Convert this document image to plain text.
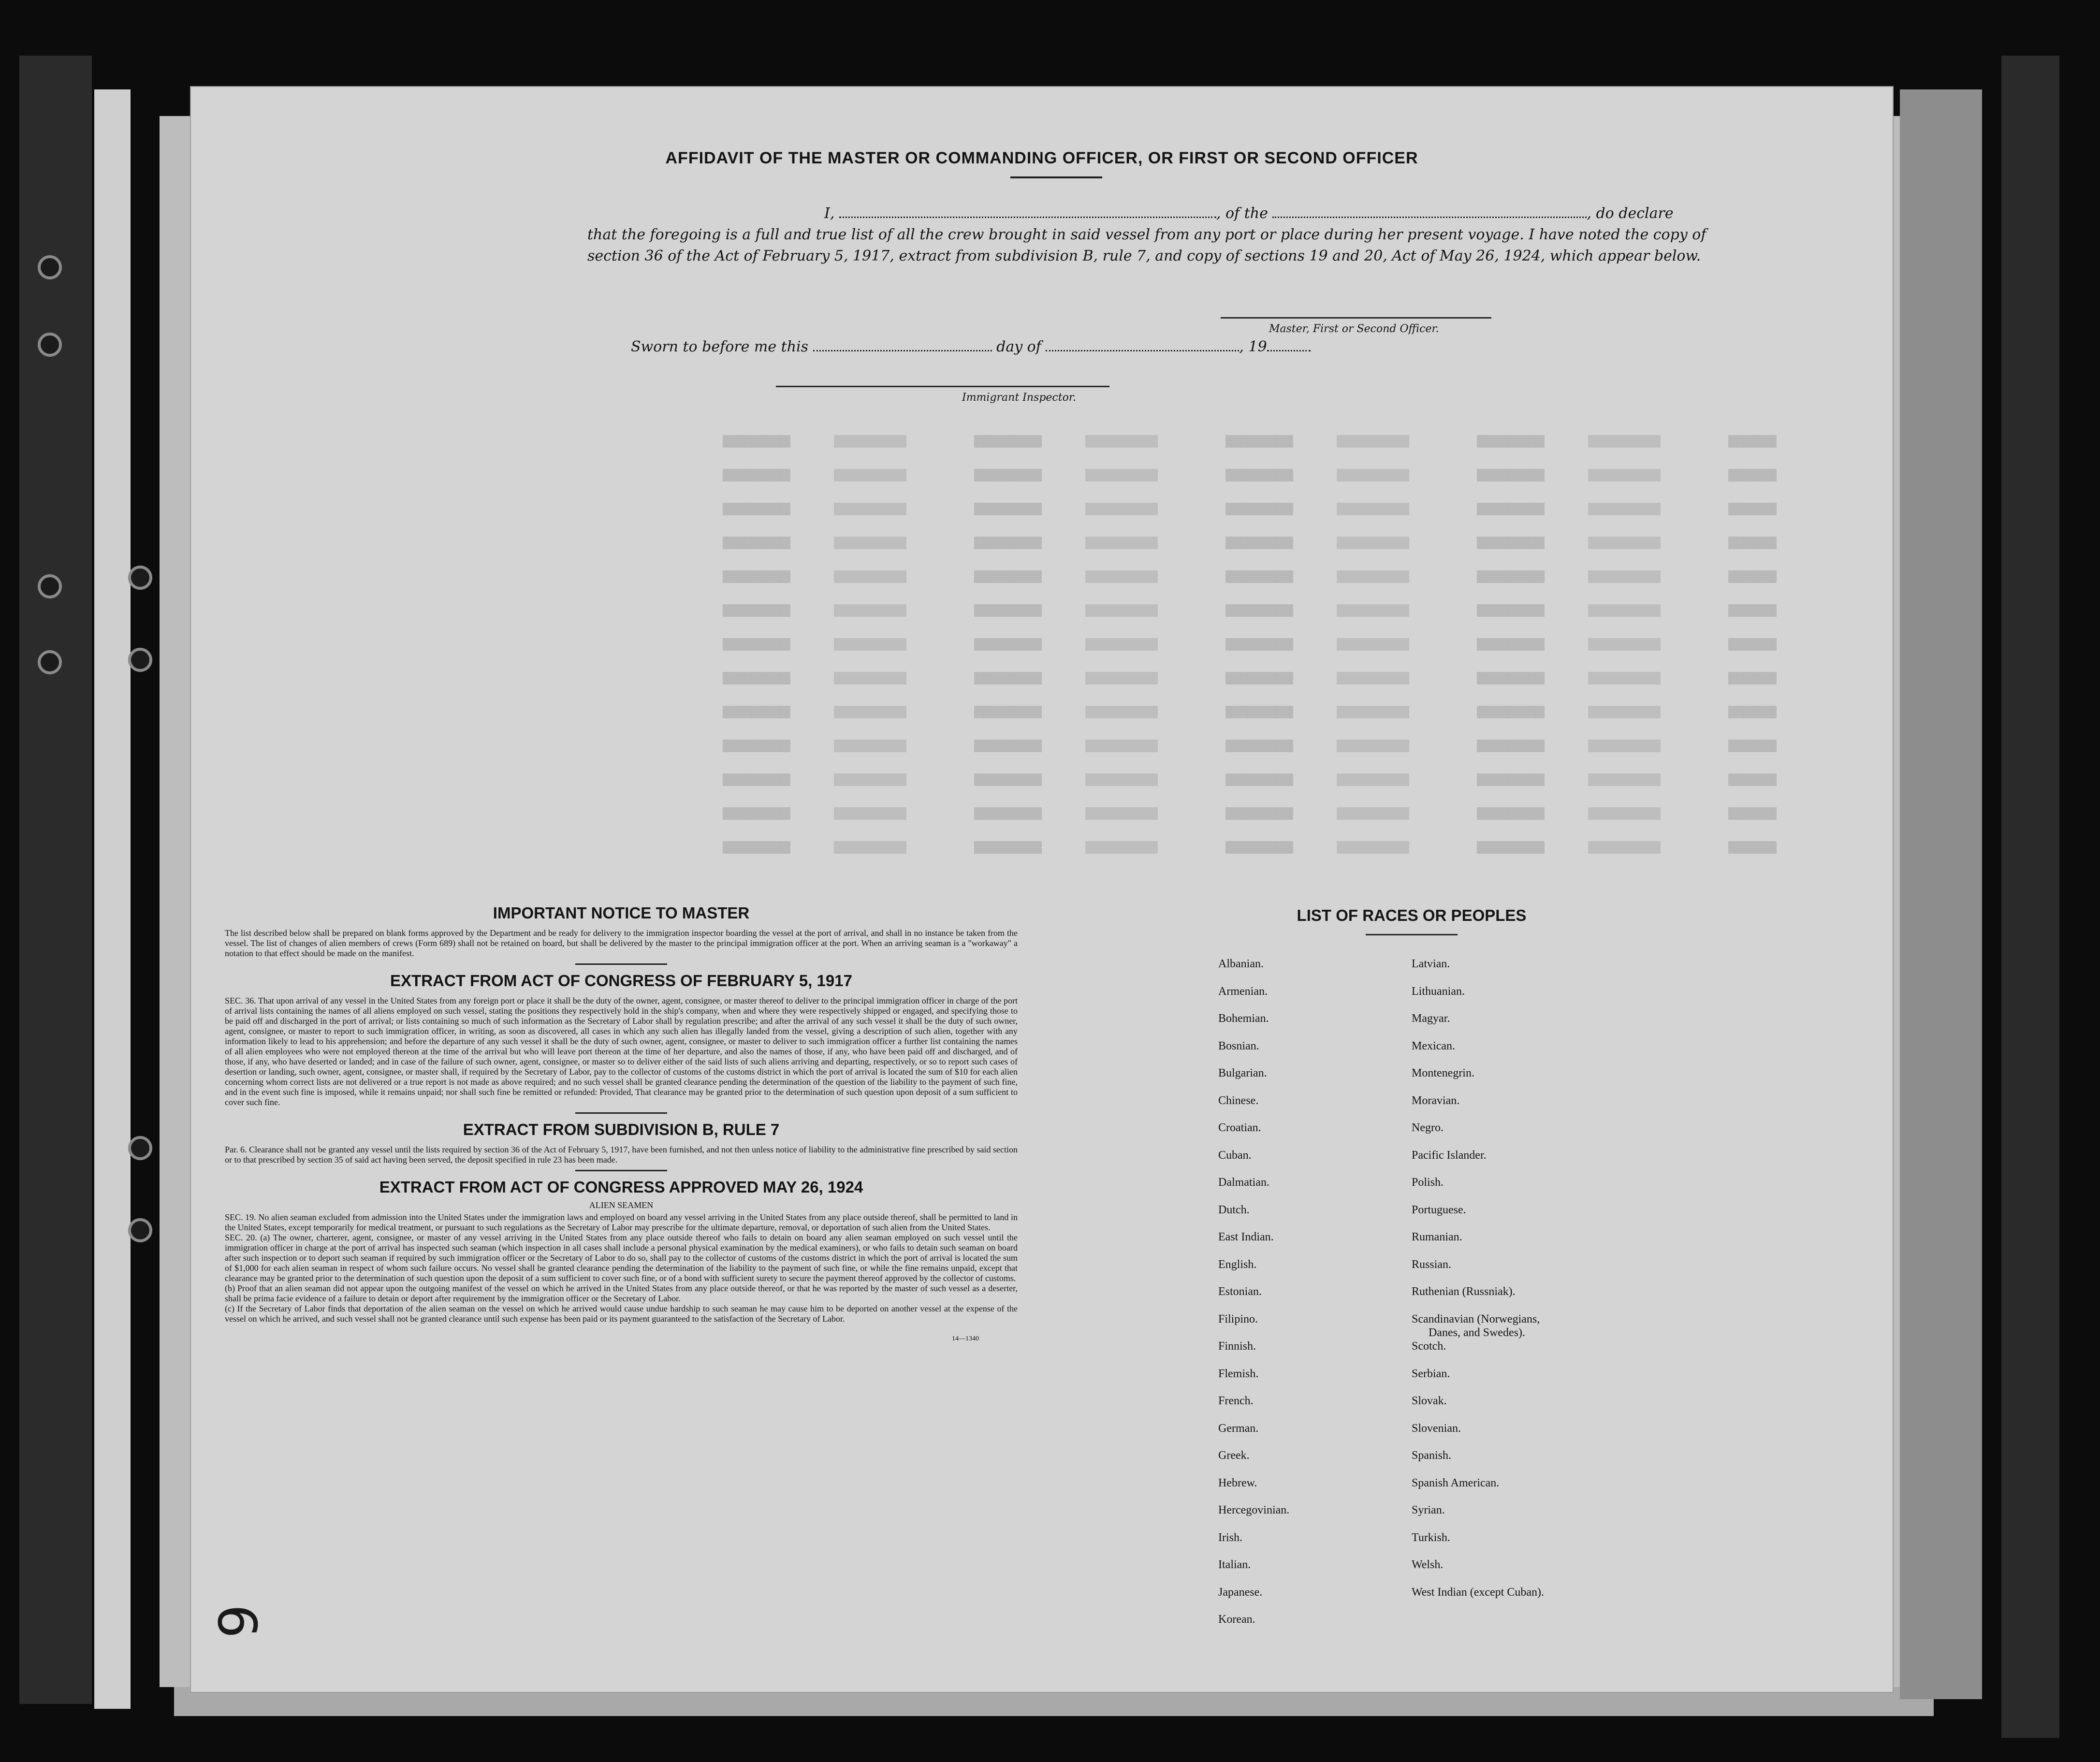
AFFIDAVIT OF THE MASTER OR COMMANDING OFFICER, OR FIRST OR SECOND OFFICER
I,	, of the	, do declare
that the foregoing is a full and true list of all the crew brought in said vessel from any port or place during her present voyage. I have noted the copy of section 36 of the Act of February 5, 1917, extract from subdivision B, rule 7, and copy of sections 19 and 20, Act of May 26, 1924, which appear below.
Master, First or Second Officer.
Sworn to before me this	day of	, 19
Immigrant Inspector.
IMPORTANT NOTICE TO MASTER
The list described below shall be prepared on blank forms approved by the Department and be ready for delivery to the immigration inspector boarding the vessel at the port of arrival, and shall in no instance be taken from the vessel. The list of changes of alien members of crews (Form 689) shall not be retained on board, but shall be delivered by the master to the principal immigration officer at the port. When an arriving seaman is a "workaway" a notation to that effect should be made on the manifest.
EXTRACT FROM ACT OF CONGRESS OF FEBRUARY 5, 1917
SEC. 36. That upon arrival of any vessel in the United States from any foreign port or place it shall be the duty of the owner, agent, consignee, or master thereof to deliver to the principal immigration officer in charge of the port of arrival lists containing the names of all aliens employed on such vessel, stating the positions they respectively hold in the ship's company, when and where they were respectively shipped or engaged, and specifying those to be paid off and discharged in the port of arrival; or lists containing so much of such information as the Secretary of Labor shall by regulation prescribe; and after the arrival of any such vessel it shall be the duty of such owner, agent, consignee, or master to report to such immigration officer, in writing, as soon as discovered, all cases in which any such alien has illegally landed from the vessel, giving a description of such alien, together with any information likely to lead to his apprehension; and before the departure of any such vessel it shall be the duty of such owner, agent, consignee, or master to deliver to such immigration officer a further list containing the names of all alien employees who were not employed thereon at the time of the arrival but who will leave port thereon at the time of her departure, and also the names of those, if any, who have been paid off and discharged, and of those, if any, who have deserted or landed; and in case of the failure of such owner, agent, consignee, or master so to deliver either of the said lists of such aliens arriving and departing, respectively, or so to report such cases of desertion or landing, such owner, agent, consignee, or master shall, if required by the Secretary of Labor, pay to the collector of customs of the customs district in which the port of arrival is located the sum of $10 for each alien concerning whom correct lists are not delivered or a true report is not made as above required; and no such vessel shall be granted clearance pending the determination of the question of the liability to the payment of such fine, and in the event such fine is imposed, while it remains unpaid; nor shall such fine be remitted or refunded: Provided, That clearance may be granted prior to the determination of such question upon deposit of a sum sufficient to cover such fine.
EXTRACT FROM SUBDIVISION B, RULE 7
Par. 6. Clearance shall not be granted any vessel until the lists required by section 36 of the Act of February 5, 1917, have been furnished, and not then unless notice of liability to the administrative fine prescribed by said section or to that prescribed by section 35 of said act having been served, the deposit specified in rule 23 has been made.
EXTRACT FROM ACT OF CONGRESS APPROVED MAY 26, 1924
ALIEN SEAMEN
SEC. 19. No alien seaman excluded from admission into the United States under the immigration laws and employed on board any vessel arriving in the United States from any place outside thereof, shall be permitted to land in the United States, except temporarily for medical treatment, or pursuant to such regulations as the Secretary of Labor may prescribe for the ultimate departure, removal, or deportation of such alien from the United States.
SEC. 20. (a) The owner, charterer, agent, consignee, or master of any vessel arriving in the United States from any place outside thereof who fails to detain on board any alien seaman employed on such vessel until the immigration officer in charge at the port of arrival has inspected such seaman (which inspection in all cases shall include a personal physical examination by the medical examiners), or who fails to detain such seaman on board after such inspection or to deport such seaman if required by such immigration officer or the Secretary of Labor to do so, shall pay to the collector of customs of the customs district in which the port of arrival is located the sum of $1,000 for each alien seaman in respect of whom such failure occurs. No vessel shall be granted clearance pending the determination of the liability to the payment of such fine, or while the fine remains unpaid, except that clearance may be granted prior to the determination of such question upon the deposit of a sum sufficient to cover such fine, or of a bond with sufficient surety to secure the payment thereof approved by the collector of customs.
(b) Proof that an alien seaman did not appear upon the outgoing manifest of the vessel on which he arrived in the United States from any place outside thereof, or that he was reported by the master of such vessel as a deserter, shall be prima facie evidence of a failure to detain or deport after requirement by the immigration officer or the Secretary of Labor.
(c) If the Secretary of Labor finds that deportation of the alien seaman on the vessel on which he arrived would cause undue hardship to such seaman he may cause him to be deported on another vessel at the expense of the vessel on which he arrived, and such vessel shall not be granted clearance until such expense has been paid or its payment guaranteed to the satisfaction of the Secretary of Labor.
14—1340
LIST OF RACES OR PEOPLES
Albanian.
Armenian.
Bohemian.
Bosnian.
Bulgarian.
Chinese.
Croatian.
Cuban.
Dalmatian.
Dutch.
East Indian.
English.
Estonian.
Filipino.
Finnish.
Flemish.
French.
German.
Greek.
Hebrew.
Hercegovinian.
Irish.
Italian.
Japanese.
Korean.
Latvian.
Lithuanian.
Magyar.
Mexican.
Montenegrin.
Moravian.
Negro.
Pacific Islander.
Polish.
Portuguese.
Rumanian.
Russian.
Ruthenian (Russniak).
Scandinavian (Norwegians,
Danes, and Swedes).
Scotch.
Serbian.
Slovak.
Slovenian.
Spanish.
Spanish American.
Syrian.
Turkish.
Welsh.
West Indian (except Cuban).
6
